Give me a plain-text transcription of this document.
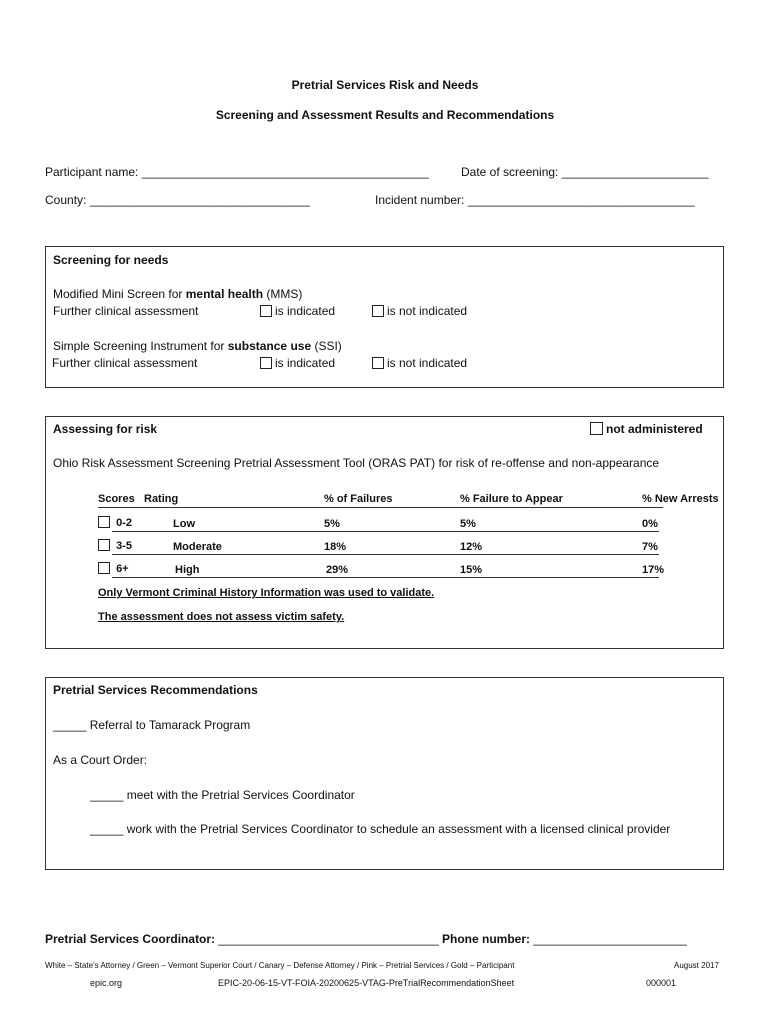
Pretrial Services Risk and Needs
Screening and Assessment Results and Recommendations
Participant name: ___________________________________________	Date of screening: ______________________
County: _________________________________	Incident number: __________________________________
Screening for needs
Modified Mini Screen for mental health (MMS)
Further clinical assessment	is indicated	is not indicated
Simple Screening Instrument for substance use (SSI)
Further clinical assessment	is indicated	is not indicated
Assessing for risk	not administered
Ohio Risk Assessment Screening Pretrial Assessment Tool (ORAS PAT) for risk of re-offense and non-appearance
Scores Rating	% of Failures	% Failure to Appear	% New Arrests
0-2	Low	5%	5%	0%
3-5	Moderate	18%	12%	7%
6+	High	29%	15%	17%
Only Vermont Criminal History Information was used to validate.
The assessment does not assess victim safety.
Pretrial Services Recommendations
_____ Referral to Tamarack Program
As a Court Order:
_____ meet with the Pretrial Services Coordinator
_____ work with the Pretrial Services Coordinator to schedule an assessment with a licensed clinical provider
Pretrial Services Coordinator: _________________________________ Phone number: _______________________
White – State’s Attorney / Green – Vermont Superior Court / Canary – Defense Attorney / Pink – Pretrial Services / Gold – Participant	August 2017
epic.org	EPIC-20-06-15-VT-FOIA-20200625-VTAG-PreTrialRecommendationSheet	000001
